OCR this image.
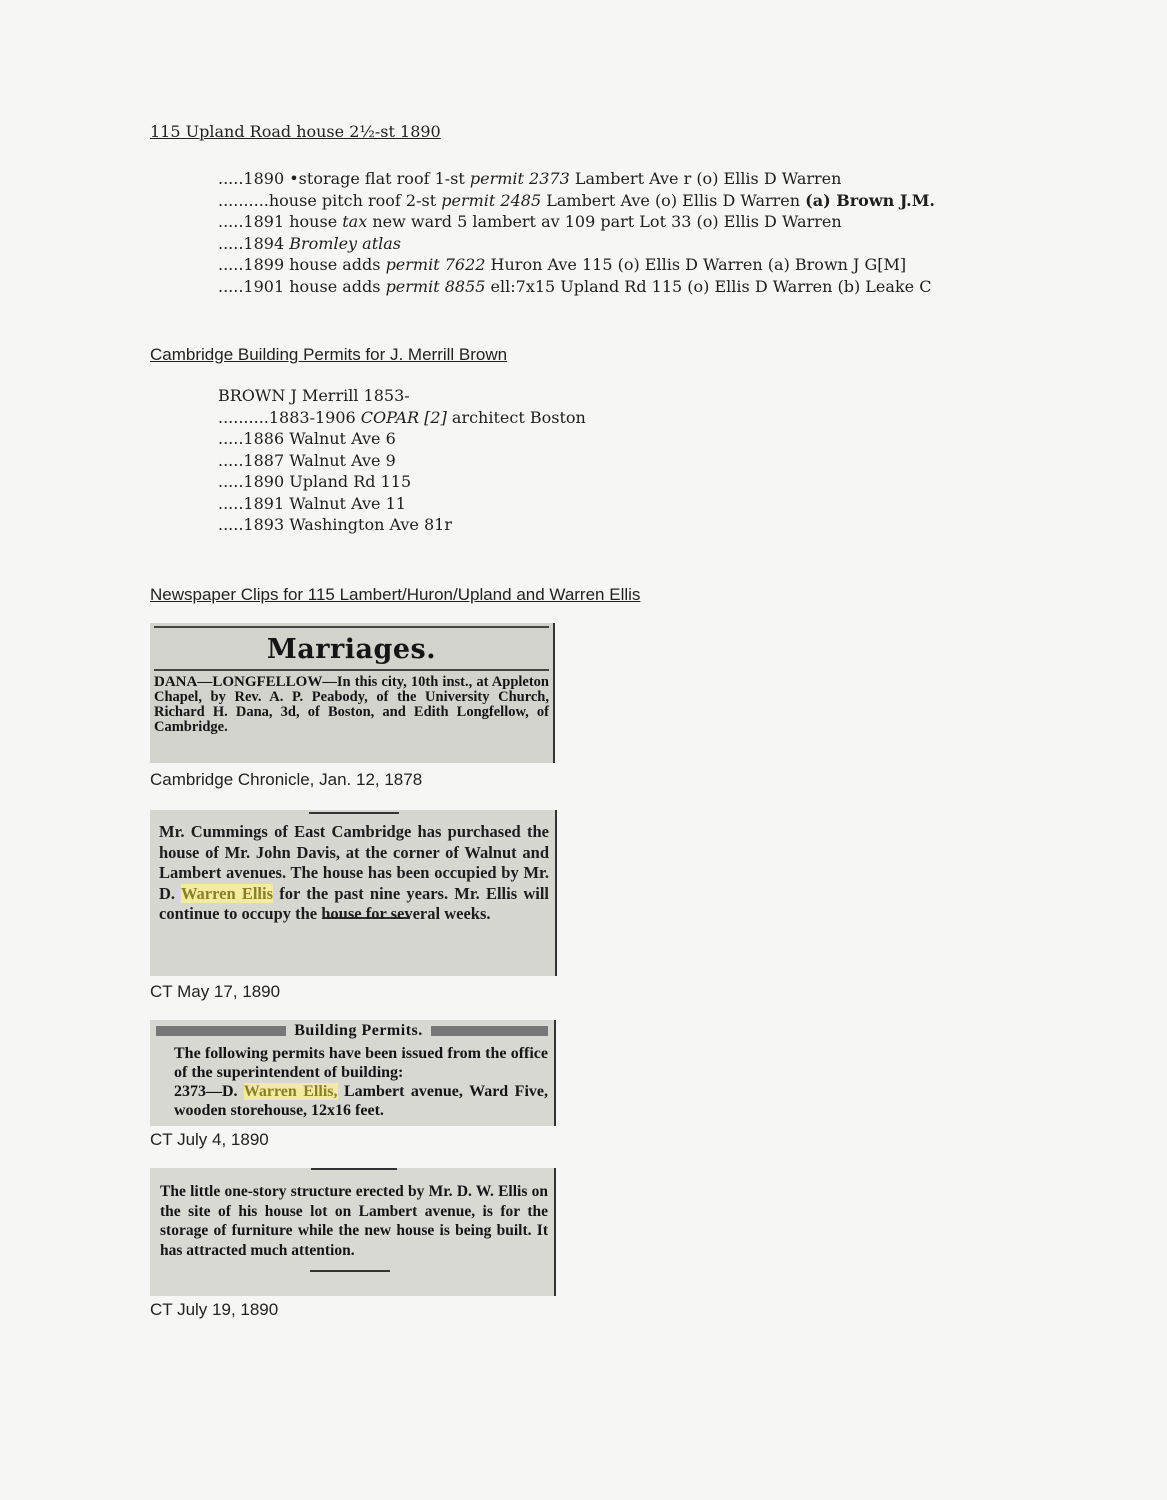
115 Upland Road house 2½-st 1890
.....1890 •storage flat roof 1-st permit 2373 Lambert Ave r (o) Ellis D Warren
..........house pitch roof 2-st permit 2485 Lambert Ave (o) Ellis D Warren (a) Brown J.M.
.....1891 house tax new ward 5 lambert av 109 part Lot 33 (o) Ellis D Warren
.....1894 Bromley atlas
.....1899 house adds permit 7622 Huron Ave 115 (o) Ellis D Warren (a) Brown J G[M]
.....1901 house adds permit 8855 ell:7x15 Upland Rd 115 (o) Ellis D Warren (b) Leake C
Cambridge Building Permits for J. Merrill Brown
BROWN J Merrill 1853-
..........1883-1906 COPAR [2] architect Boston
.....1886 Walnut Ave 6
.....1887 Walnut Ave 9
.....1890 Upland Rd 115
.....1891 Walnut Ave 11
.....1893 Washington Ave 81r
Newspaper Clips for 115 Lambert/Huron/Upland and Warren Ellis
Marriages.
DANA—LONGFELLOW—In this city, 10th inst., at Appleton Chapel, by Rev. A. P. Peabody, of the University Church, Richard H. Dana, 3d, of Boston, and Edith Longfellow, of Cambridge.
Cambridge Chronicle, Jan. 12, 1878
Mr. Cummings of East Cambridge has purchased the house of Mr. John Davis, at the corner of Walnut and Lambert avenues. The house has been occupied by Mr. D. Warren Ellis for the past nine years. Mr. Ellis will continue to occupy the house for several weeks.
CT May 17, 1890
Building Permits.
The following permits have been issued from the office of the superintendent of building:
2373—D. Warren Ellis, Lambert avenue, Ward Five, wooden storehouse, 12x16 feet.
CT July 4, 1890
The little one-story structure erected by Mr. D. W. Ellis on the site of his house lot on Lambert avenue, is for the storage of furniture while the new house is being built. It has attracted much attention.
CT July 19, 1890
